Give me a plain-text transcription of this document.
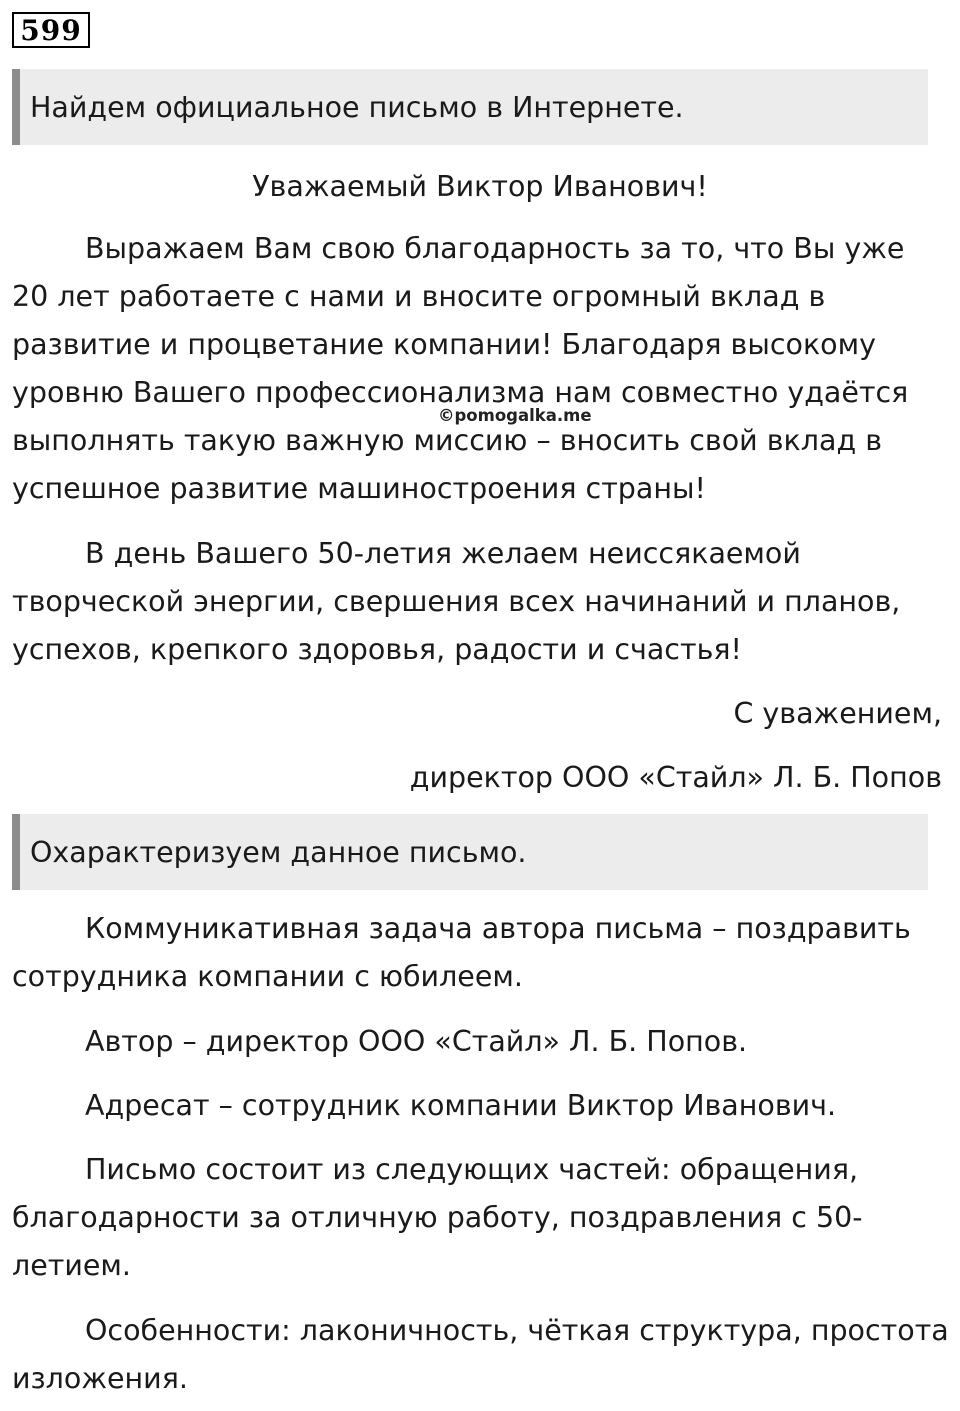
599
Найдем официальное письмо в Интернете.
Уважаемый Виктор Иванович!
Выражаем Вам свою благодарность за то, что Вы уже
20 лет работаете с нами и вносите огромный вклад в
развитие и процветание компании! Благодаря высокому
уровню Вашего профессионализма нам совместно удаётся
выполнять такую важную миссию – вносить свой вклад в
успешное развитие машиностроения страны!
©pomogalka.me
В день Вашего 50-летия желаем неиссякаемой
творческой энергии, свершения всех начинаний и планов,
успехов, крепкого здоровья, радости и счастья!
С уважением,
директор ООО «Стайл» Л. Б. Попов
Охарактеризуем данное письмо.
Коммуникативная задача автора письма – поздравить
сотрудника компании с юбилеем.
Автор – директор ООО «Стайл» Л. Б. Попов.
Адресат – сотрудник компании Виктор Иванович.
Письмо состоит из следующих частей: обращения,
благодарности за отличную работу, поздравления с 50-
летием.
Особенности: лаконичность, чёткая структура, простота
изложения.
